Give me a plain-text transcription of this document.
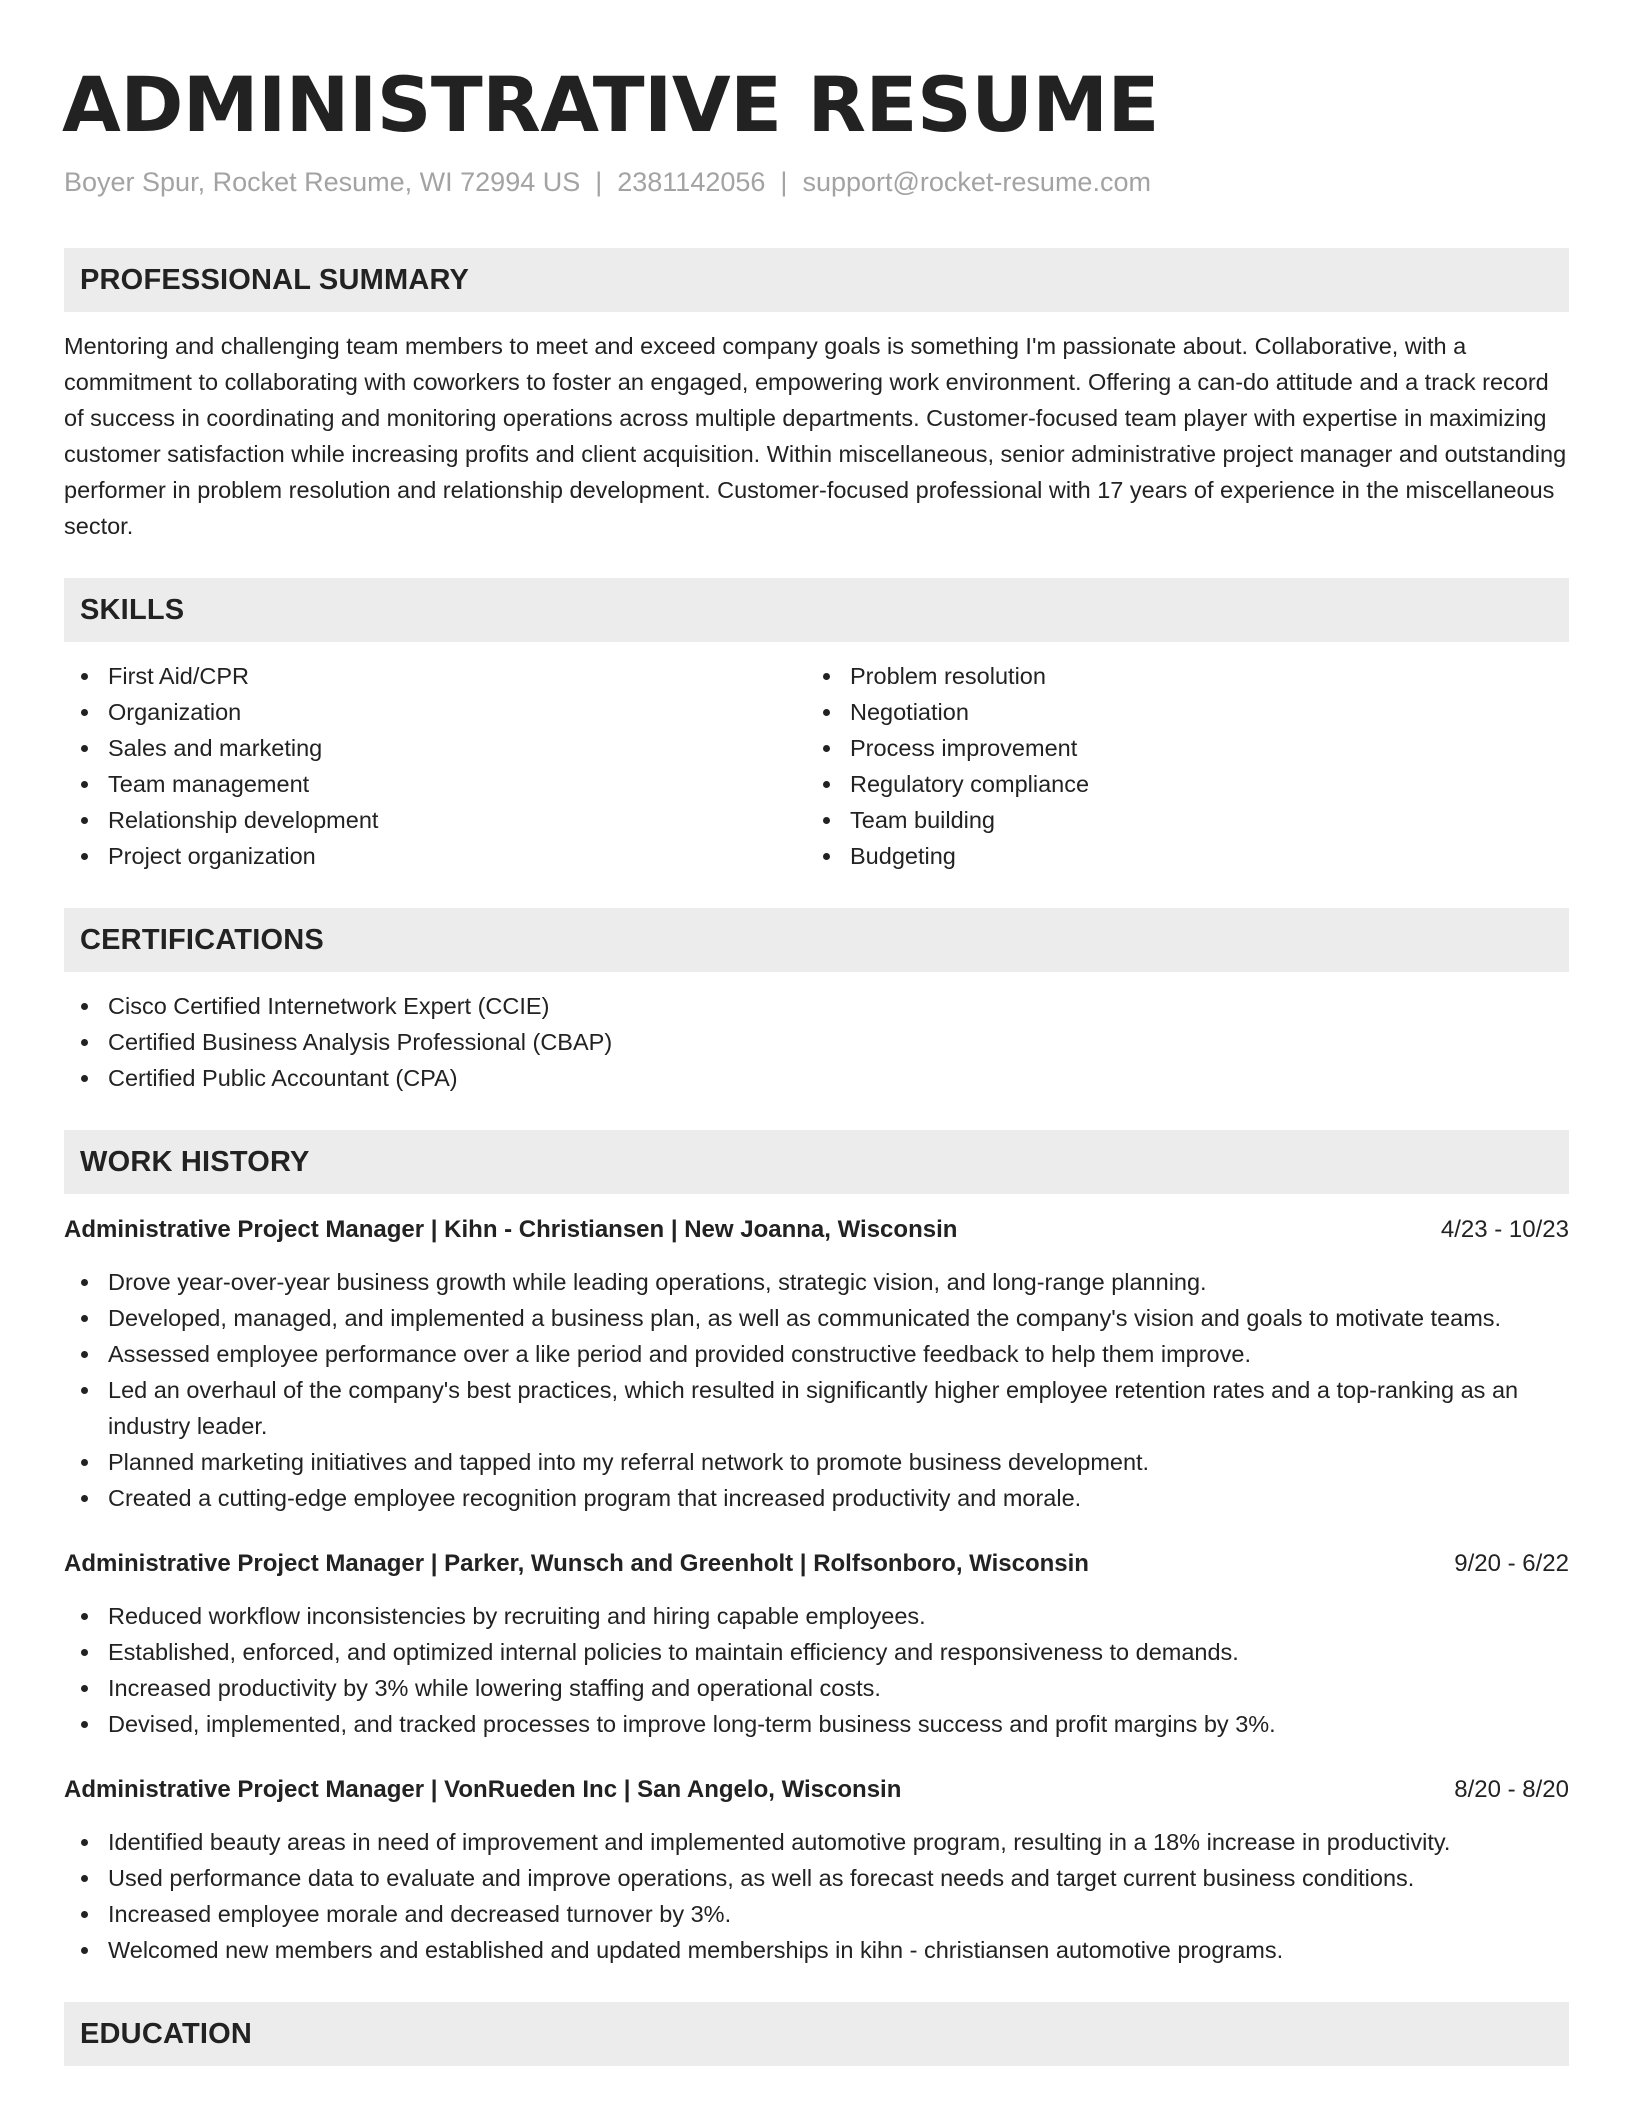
ADMINISTRATIVE RESUME
Boyer Spur, Rocket Resume, WI 72994 US | 2381142056 | support@rocket-resume.com
PROFESSIONAL SUMMARY

Mentoring and challenging team members to meet and exceed company goals is something I'm passionate about. Collaborative, with a commitment to collaborating with coworkers to foster an engaged, empowering work environment. Offering a can-do attitude and a track record of success in coordinating and monitoring operations across multiple departments. Customer-focused team player with expertise in maximizing customer satisfaction while increasing profits and client acquisition. Within miscellaneous, senior administrative project manager and outstanding performer in problem resolution and relationship development. Customer-focused professional with 17 years of experience in the miscellaneous sector.

SKILLS
First Aid/CPR
Organization
Sales and marketing
Team management
Relationship development
Project organization
Problem resolution
Negotiation
Process improvement
Regulatory compliance
Team building
Budgeting
CERTIFICATIONS
Cisco Certified Internetwork Expert (CCIE)
Certified Business Analysis Professional (CBAP)
Certified Public Accountant (CPA)
WORK HISTORY
Administrative Project Manager | Kihn - Christiansen | New Joanna, Wisconsin	4/23 - 10/23
Drove year-over-year business growth while leading operations, strategic vision, and long-range planning.
Developed, managed, and implemented a business plan, as well as communicated the company's vision and goals to motivate teams.
Assessed employee performance over a like period and provided constructive feedback to help them improve.
Led an overhaul of the company's best practices, which resulted in significantly higher employee retention rates and a top-ranking as an industry leader.
Planned marketing initiatives and tapped into my referral network to promote business development.
Created a cutting-edge employee recognition program that increased productivity and morale.
Administrative Project Manager | Parker, Wunsch and Greenholt | Rolfsonboro, Wisconsin	9/20 - 6/22
Reduced workflow inconsistencies by recruiting and hiring capable employees.
Established, enforced, and optimized internal policies to maintain efficiency and responsiveness to demands.
Increased productivity by 3% while lowering staffing and operational costs.
Devised, implemented, and tracked processes to improve long-term business success and profit margins by 3%.
Administrative Project Manager | VonRueden Inc | San Angelo, Wisconsin	8/20 - 8/20
Identified beauty areas in need of improvement and implemented automotive program, resulting in a 18% increase in productivity.
Used performance data to evaluate and improve operations, as well as forecast needs and target current business conditions.
Increased employee morale and decreased turnover by 3%.
Welcomed new members and established and updated memberships in kihn - christiansen automotive programs.
EDUCATION
